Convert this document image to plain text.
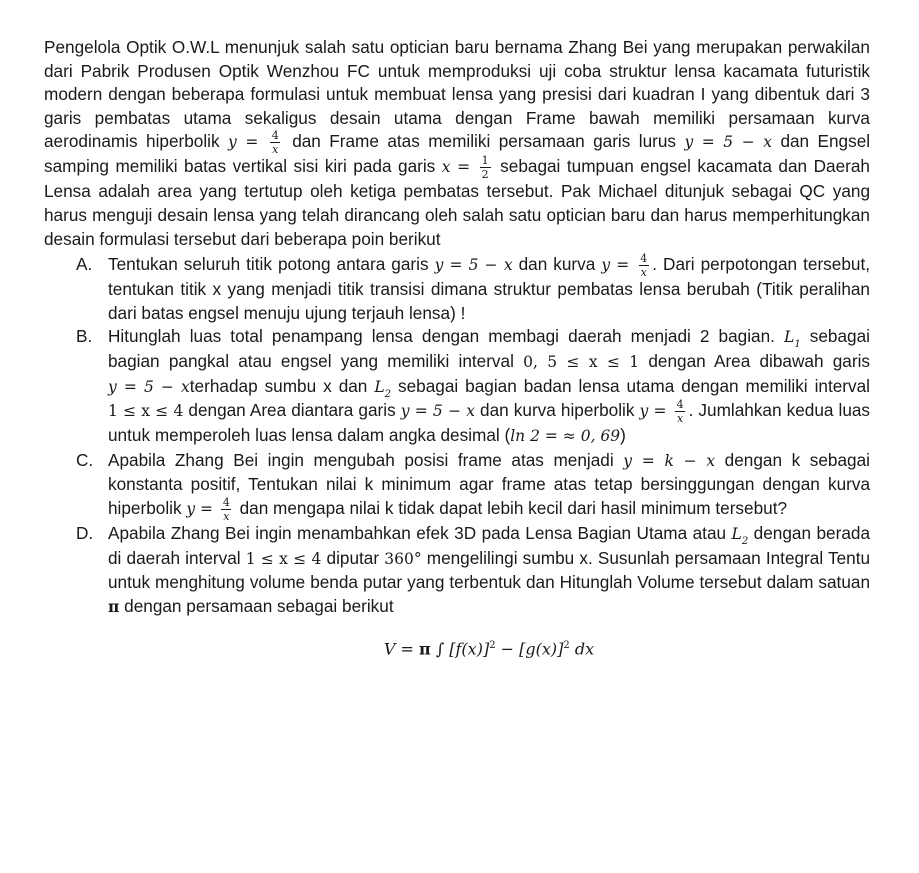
Pengelola Optik O.W.L menunjuk salah satu optician baru bernama Zhang Bei yang merupakan perwakilan dari Pabrik Produsen Optik Wenzhou FC untuk memproduksi uji coba struktur lensa kacamata futuristik modern dengan beberapa formulasi untuk membuat lensa yang presisi dari kuadran I yang dibentuk dari 3 garis pembatas utama sekaligus desain utama dengan Frame bawah memiliki persamaan kurva aerodinamis hiperbolik $y = \frac{4}{x}$ dan Frame atas memiliki persamaan garis lurus y = 5 − x dan Engsel samping memiliki batas vertikal sisi kiri pada garis $x = \frac{1}{2}$ sebagai tumpuan engsel kacamata dan Daerah Lensa adalah area yang tertutup oleh ketiga pembatas tersebut. Pak Michael ditunjuk sebagai QC yang harus menguji desain lensa yang telah dirancang oleh salah satu optician baru dan harus memperhitungkan desain formulasi tersebut dari beberapa poin berikut
A. Tentukan seluruh titik potong antara garis y = 5 − x dan kurva $y = \frac{4}{x}$ . Dari perpotongan tersebut, tentukan titik x yang menjadi titik transisi dimana struktur pembatas lensa berubah (Titik peralihan dari batas engsel menuju ujung terjauh lensa) !
B. Hitunglah luas total penampang lensa dengan membagi daerah menjadi 2 bagian. $L_1$ sebagai bagian pangkal atau engsel yang memiliki interval 0, 5 ≤ x ≤ 1 dengan Area dibawah garis y = 5 − xterhadap sumbu x dan $L_2$ sebagai bagian badan lensa utama dengan memiliki interval 1 ≤ x ≤ 4 dengan Area diantara garis y = 5 − x dan kurva hiperbolik $y = \frac{4}{x}$ . Jumlahkan kedua luas untuk memperoleh luas lensa dalam angka desimal (ln 2 = ≈ 0, 69)
C. Apabila Zhang Bei ingin mengubah posisi frame atas menjadi y = k − x dengan k sebagai konstanta positif, Tentukan nilai k minimum agar frame atas tetap bersinggungan dengan kurva hiperbolik $y = \frac{4}{x}$ dan mengapa nilai k tidak dapat lebih kecil dari hasil minimum tersebut?
D. Apabila Zhang Bei ingin menambahkan efek 3D pada Lensa Bagian Utama atau $L_2$ dengan berada di daerah interval 1 ≤ x ≤ 4 diputar 360° mengelilingi sumbu x. Susunlah persamaan Integral Tentu untuk menghitung volume benda putar yang terbentuk dan Hitunglah Volume tersebut dalam satuan π dengan persamaan sebagai berikut
V = π ∫ $[f(x)]^2 - [g(x)]^2$ dx
